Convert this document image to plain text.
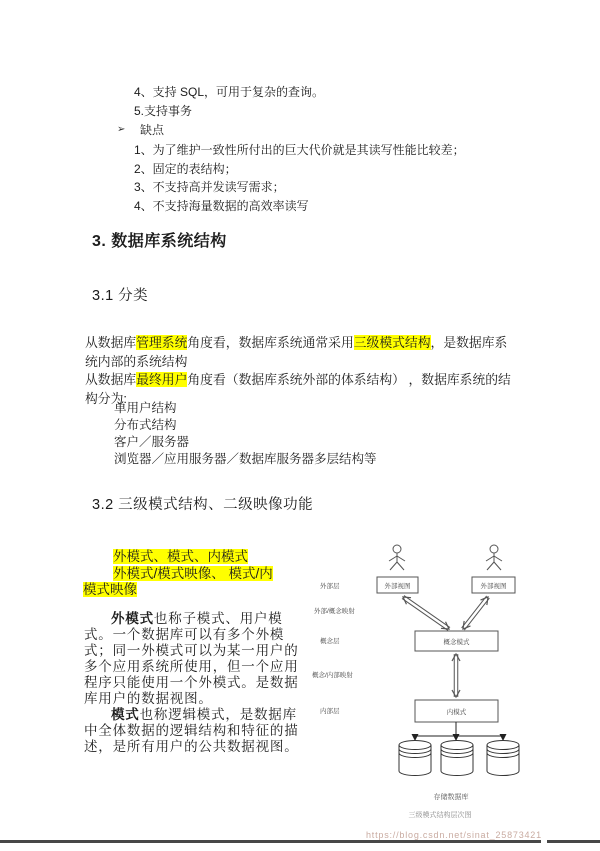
4、支持 SQL，可用于复杂的查询。
5.支持事务
➢ 缺点
1、为了维护一致性所付出的巨大代价就是其读写性能比较差；
2、固定的表结构；
3、不支持高并发读写需求；
4、不支持海量数据的高效率读写
3. 数据库系统结构
3.1 分类
从数据库管理系统角度看，数据库系统通常采用三级模式结构，是数据库系统内部的系统结构
从数据库最终用户角度看（数据库系统外部的体系结构） ，数据库系统的结构分为:
单用户结构
分布式结构
客户／服务器
浏览器／应用服务器／数据库服务器多层结构等
3.2 三级模式结构、二级映像功能
外模式、模式、内模式
外模式/模式映像、 模式/内
模式映像

外模式也称子模式、用户模式。一个数据库可以有多个外模式；同一外模式可以为某一用户的多个应用系统所使用，但一个应用程序只能使用一个外模式。是数据库用户的数据视图。

模式也称逻辑模式，是数据库中全体数据的逻辑结构和特征的描述，是所有用户的公共数据视图。

外部视图	外部视图
概念模式
内模式
外部层
外部/概念映射
概念层
概念/内部映射
内部层
存储数据库
三级模式结构层次图
https://blog.csdn.net/sinat_25873421
